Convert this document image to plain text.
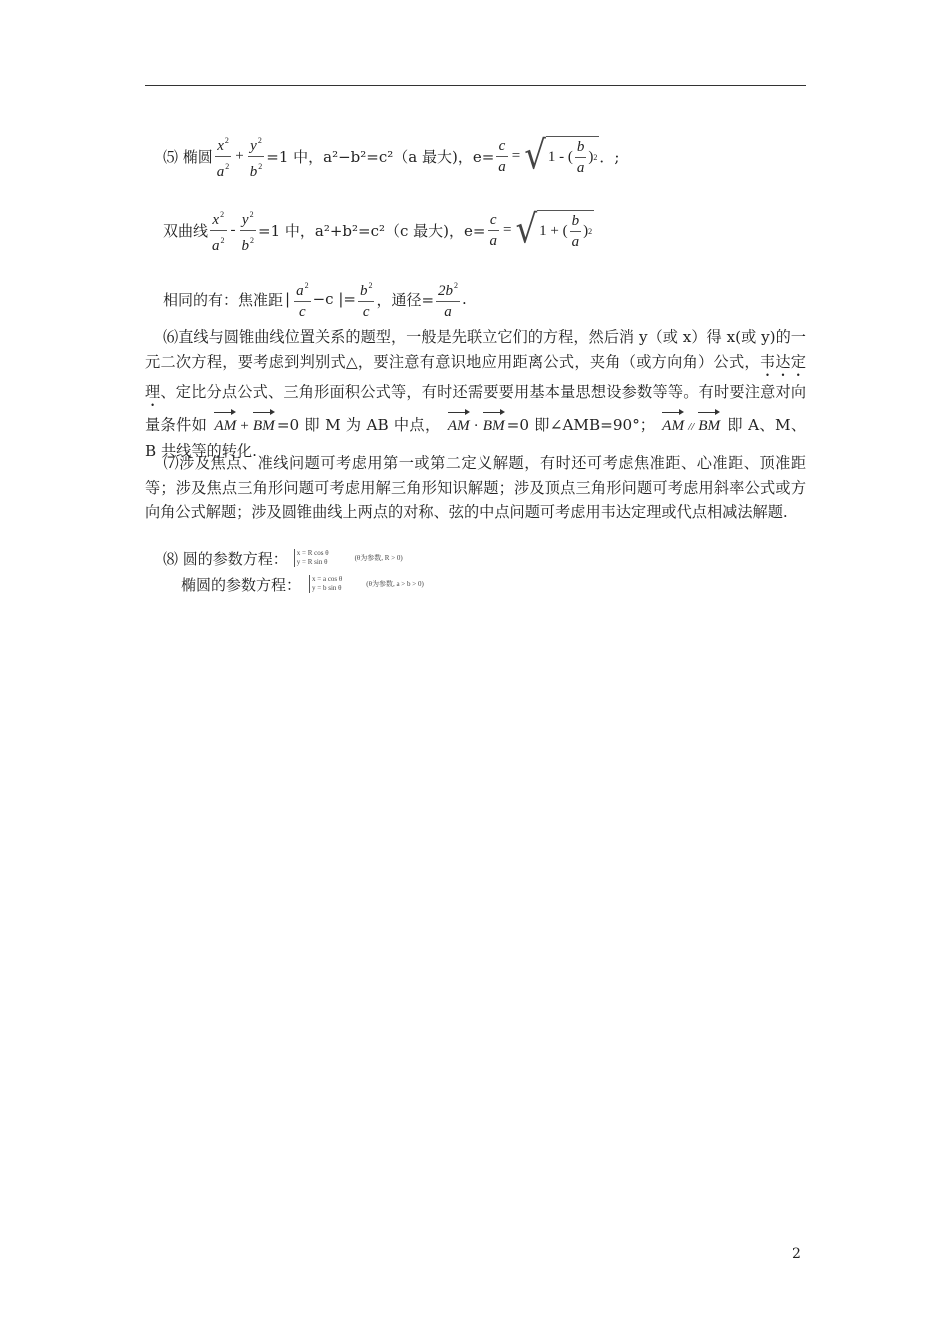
⑸ 椭圆 $\frac{x^2}{a^2} + \frac{y^2}{b^2} =1$ 中，a²−b²=c²（a 最大)，$e= \frac{c}{a}$ = √ 1 - ( $\frac{b}{a}$ ) 2 ．;
双曲线 $\frac{x^2}{a^2} - \frac{y^2}{b^2} =1$ 中，a²+b²=c²（c 最大)，$e= \frac{c}{a}$ = √ 1 + ( $\frac{b}{a}$ ) 2
相同的有：焦准距 | $\frac{a^2}{c} -c$ |= $\frac{b^2}{c}$ ，通径= $\frac{2b^2}{a}$ .
⑹直线与圆锥曲线位置关系的题型，一般是先联立它们的方程，然后消 y（或 x）得 x(或 y)的一元二次方程，要考虑到判别式△，要注意有意识地应用距离公式，夹角（或方向角）公式，韦达定理、定比分点公式、三角形面积公式等，有时还需要要用基本量思想设参数等等。有时要注意对向量条件如 AM + BM =0 即 M 为 AB 中点， AM · BM =0 即∠AMB=90°； AM // BM 即 A、M、B 共线等的转化.
⑺涉及焦点、准线问题可考虑用第一或第二定义解题，有时还可考虑焦准距、心准距、顶准距等；涉及焦点三角形问题可考虑用解三角形知识解题；涉及顶点三角形问题可考虑用斜率公式或方向角公式解题；涉及圆锥曲线上两点的对称、弦的中点问题可考虑用韦达定理或代点相减法解题.
⑻ 圆的参数方程：	x = R cos θ
y = R sin θ
(θ为参数, R > 0)
椭圆的参数方程：	x = a cos θ
y = b sin θ
(θ为参数, a > b > 0)
2
